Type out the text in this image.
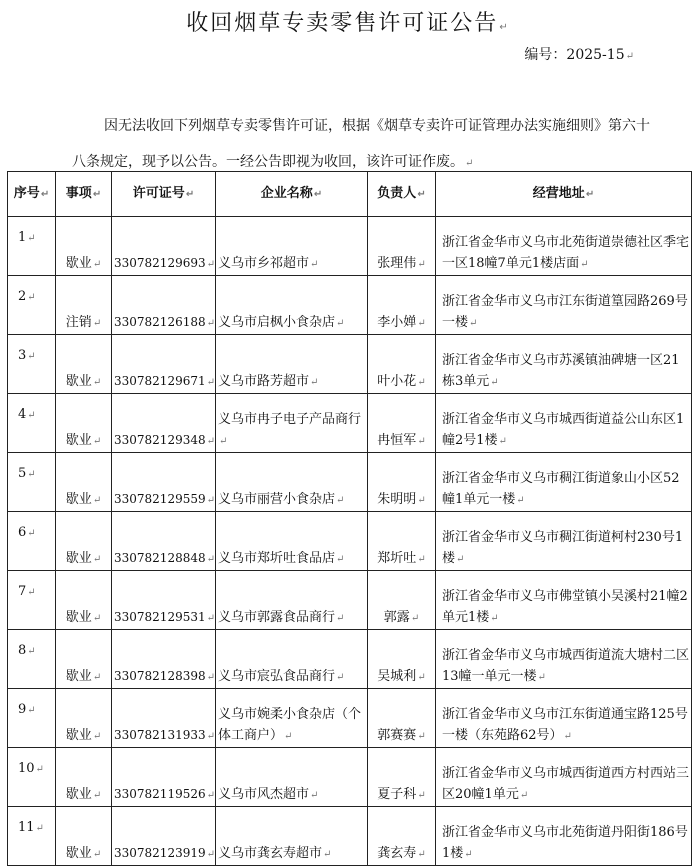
收回烟草专卖零售许可证公告↵
编号：2025-15↵
因无法收回下列烟草专卖零售许可证，根据《烟草专卖许可证管理办法实施细则》第六十八条规定，现予以公告。一经公告即视为收回，该许可证作废。↵
序号↵	事项↵	许可证号↵	企业名称↵	负责人↵	经营地址↵
1↵	歇业↵	330782129693↵	义乌市乡祁超市↵	张理伟↵	浙江省金华市义乌市北苑街道崇德社区季宅一区18幢7单元1楼店面↵
2↵	注销↵	330782126188↵	义乌市启枫小食杂店↵	李小婵↵	浙江省金华市义乌市江东街道篁园路269号一楼↵
3↵	歇业↵	330782129671↵	义乌市路芳超市↵	叶小花↵	浙江省金华市义乌市苏溪镇油碑塘一区21栋3单元↵
4↵	歇业↵	330782129348↵	义乌市冉子电子产品商行↵	冉恒军↵	浙江省金华市义乌市城西街道益公山东区1幢2号1楼↵
5↵	歇业↵	330782129559↵	义乌市丽营小食杂店↵	朱明明↵	浙江省金华市义乌市稠江街道象山小区52幢1单元一楼↵
6↵	歇业↵	330782128848↵	义乌市郑圻吐食品店↵	郑圻吐↵	浙江省金华市义乌市稠江街道柯村230号1楼↵
7↵	歇业↵	330782129531↵	义乌市郭露食品商行↵	郭露↵	浙江省金华市义乌市佛堂镇小吴溪村21幢2单元1楼↵
8↵	歇业↵	330782128398↵	义乌市宸弘食品商行↵	吴城利↵	浙江省金华市义乌市城西街道流大塘村二区13幢一单元一楼↵
9↵	歇业↵	330782131933↵	义乌市婉柔小食杂店（个体工商户）↵	郭赛赛↵	浙江省金华市义乌市江东街道通宝路125号一楼（东苑路62号）↵
10↵	歇业↵	330782119526↵	义乌市风杰超市↵	夏子科↵	浙江省金华市义乌市城西街道西方村西站三区20幢1单元↵
11↵	歇业↵	330782123919↵	义乌市龚玄寿超市↵	龚玄寿↵	浙江省金华市义乌市北苑街道丹阳街186号1楼↵
